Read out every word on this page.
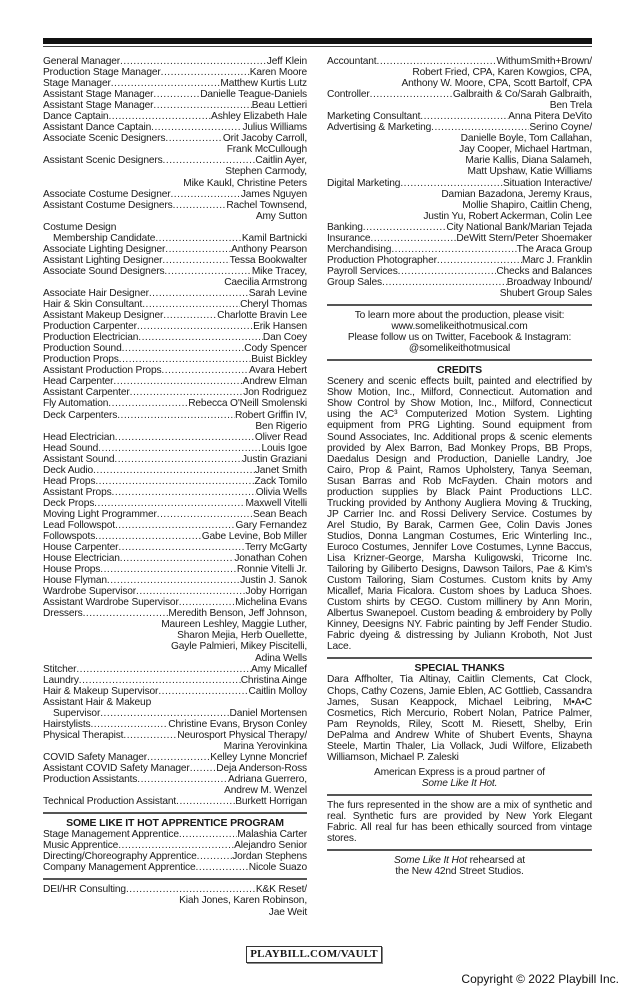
General Manager .....	Jeff Klein
Production Stage Manager .....	Karen Moore
Stage Manager .....	Matthew Kurtis Lutz
Assistant Stage Manager .....	Danielle Teague-Daniels
Assistant Stage Manager .....	Beau Lettieri
Dance Captain .....	Ashley Elizabeth Hale
Assistant Dance Captain .....	Julius Williams
Associate Scenic Designers .....	Orit Jacoby Carroll,
Frank McCullough
Assistant Scenic Designers .....	Caitlin Ayer,
Stephen Carmody,
Mike Kaukl, Christine Peters
Associate Costume Designer .....	James Nguyen
Assistant Costume Designers .....	Rachel Townsend,
Amy Sutton
Costume Design
Membership Candidate .....	Kamil Bartnicki
Associate Lighting Designer .....	Anthony Pearson
Assistant Lighting Designer .....	Tessa Bookwalter
Associate Sound Designers .....	Mike Tracey,
Caecilia Armstrong
Associate Hair Designer .....	Sarah Levine
Hair & Skin Consultant .....	Cheryl Thomas
Assistant Makeup Designer .....	Charlotte Bravin Lee
Production Carpenter .....	Erik Hansen
Production Electrician .....	Dan Coey
Production Sound .....	Cody Spencer
Production Props .....	Buist Bickley
Assistant Production Props .....	Avara Hebert
Head Carpenter .....	Andrew Elman
Assistant Carpenter .....	Jon Rodriguez
Fly Automation .....	Rebecca O'Neill Smolenski
Deck Carpenters .....	Robert Griffin IV,
Ben Rigerio
Head Electrician .....	Oliver Read
Head Sound .....	Louis Igoe
Assistant Sound .....	Justin Graziani
Deck Audio .....	Janet Smith
Head Props .....	Zack Tomilo
Assistant Props .....	Olivia Wells
Deck Props .....	Maxwell Vitelli
Moving Light Programmer .....	Sean Beach
Lead Followspot .....	Gary Fernandez
Followspots .....	Gabe Levine, Bob Miller
House Carpenter .....	Terry McGarty
House Electrician .....	Jonathan Cohen
House Props .....	Ronnie Vitelli Jr.
House Flyman .....	Justin J. Sanok
Wardrobe Supervisor .....	Joby Horrigan
Assistant Wardrobe Supervisor .....	Michelina Evans
Dressers .....	Meredith Benson, Jeff Johnson,
Maureen Leshley, Maggie Luther,
Sharon Mejia, Herb Ouellette,
Gayle Palmieri, Mikey Piscitelli,
Adina Wells
Stitcher .....	Amy Micallef
Laundry .....	Christina Ainge
Hair & Makeup Supervisor .....	Caitlin Molloy
Assistant Hair & Makeup
Supervisor .....	Daniel Mortensen
Hairstylists .....	Christine Evans, Bryson Conley
Physical Therapist .....	Neurosport Physical Therapy/
Marina Yerovinkina
COVID Safety Manager .....	Kelley Lynne Moncrief
Assistant COVID Safety Manager .....	Deja Anderson-Ross
Production Assistants .....	Adriana Guerrero,
Andrew M. Wenzel
Technical Production Assistant .....	Burkett Horrigan
SOME LIKE IT HOT APPRENTICE PROGRAM
Stage Management Apprentice .....	Malashia Carter
Music Apprentice .....	Alejandro Senior
Directing/Choreography Apprentice .....	Jordan Stephens
Company Management Apprentice .....	Nicole Suazo
DEI/HR Consulting .....	K&K Reset/
Kiah Jones, Karen Robinson,
Jae Weit
Accountant .....	WithumSmith+Brown/
Robert Fried, CPA, Karen Kowgios, CPA,
Anthony W. Moore, CPA, Scott Bartolf, CPA
Controller .....	Galbraith & Co/Sarah Galbraith,
Ben Trela
Marketing Consultant .....	Anna Pitera DeVito
Advertising & Marketing .....	Serino Coyne/
Danielle Boyle, Tom Callahan,
Jay Cooper, Michael Hartman,
Marie Kallis, Diana Salameh,
Matt Upshaw, Katie Williams
Digital Marketing .....	Situation Interactive/
Damian Bazadona, Jeremy Kraus,
Mollie Shapiro, Caitlin Cheng,
Justin Yu, Robert Ackerman, Colin Lee
Banking .....	City National Bank/Marian Tejada
Insurance .....	DeWitt Stern/Peter Shoemaker
Merchandising .....	The Araca Group
Production Photographer .....	Marc J. Franklin
Payroll Services .....	Checks and Balances
Group Sales .....	Broadway Inbound/
Shubert Group Sales
To learn more about the production, please visit:
www.somelikeithotmusical.com
Please follow us on Twitter, Facebook & Instagram:
@somelikeithotmusical
CREDITS
Scenery and scenic effects built, painted and electrified by Show Motion, Inc., Milford, Connecticut. Automation and Show Control by Show Motion, Inc., Milford, Connecticut using the AC³ Computerized Motion System. Lighting equipment from PRG Lighting. Sound equipment from Sound Associates, Inc. Additional props & scenic elements provided by Alex Barron, Bad Monkey Props, BB Props, Daedalus Design and Production, Danielle Landry, Joe Cairo, Prop & Paint, Ramos Upholstery, Tanya Seeman, Susan Barras and Rob McFayden. Chain motors and production supplies by Black Paint Productions LLC. Trucking provided by Anthony Augliera Moving & Trucking, JP Carrier Inc. and Rossi Delivery Service. Costumes by Arel Studio, By Barak, Carmen Gee, Colin Davis Jones Studios, Donna Langman Costumes, Eric Winterling Inc., Euroco Costumes, Jennifer Love Costumes, Lynne Baccus, Lisa Krizner-George, Marsha Kuligowski, Tricorne Inc. Tailoring by Giliberto Designs, Dawson Tailors, Pae & Kim's Custom Tailoring, Siam Costumes. Custom knits by Amy Micallef, Maria Ficalora. Custom shoes by Laduca Shoes. Custom shirts by CEGO. Custom millinery by Ann Morin, Albertus Swanepoel. Custom beading & embroidery by Polly Kinney, Deesigns NY. Fabric painting by Jeff Fender Studio. Fabric dyeing & distressing by Juliann Kroboth, Not Just Lace.
SPECIAL THANKS
Dara Affholter, Tia Altinay, Caitlin Clements, Cat Clock, Chops, Cathy Cozens, Jamie Eblen, AC Gottlieb, Cassandra James, Susan Keappock, Michael Leibring, M•A•C Cosmetics, Rich Mercurio, Robert Nolan, Patrice Palmer, Pam Reynolds, Riley, Scott M. Riesett, Shelby, Erin DePalma and Andrew White of Shubert Events, Shayna Steele, Martin Thaler, Lia Vollack, Judi Wilfore, Elizabeth Williamson, Michael P. Zaleski
American Express is a proud partner of
Some Like It Hot.
The furs represented in the show are a mix of synthetic and real. Synthetic furs are provided by New York Elegant Fabric. All real fur has been ethically sourced from vintage stores.
Some Like It Hot rehearsed at
the New 42nd Street Studios.
PLAYBILL.COM/VAULT
Copyright © 2022 Playbill Inc.
